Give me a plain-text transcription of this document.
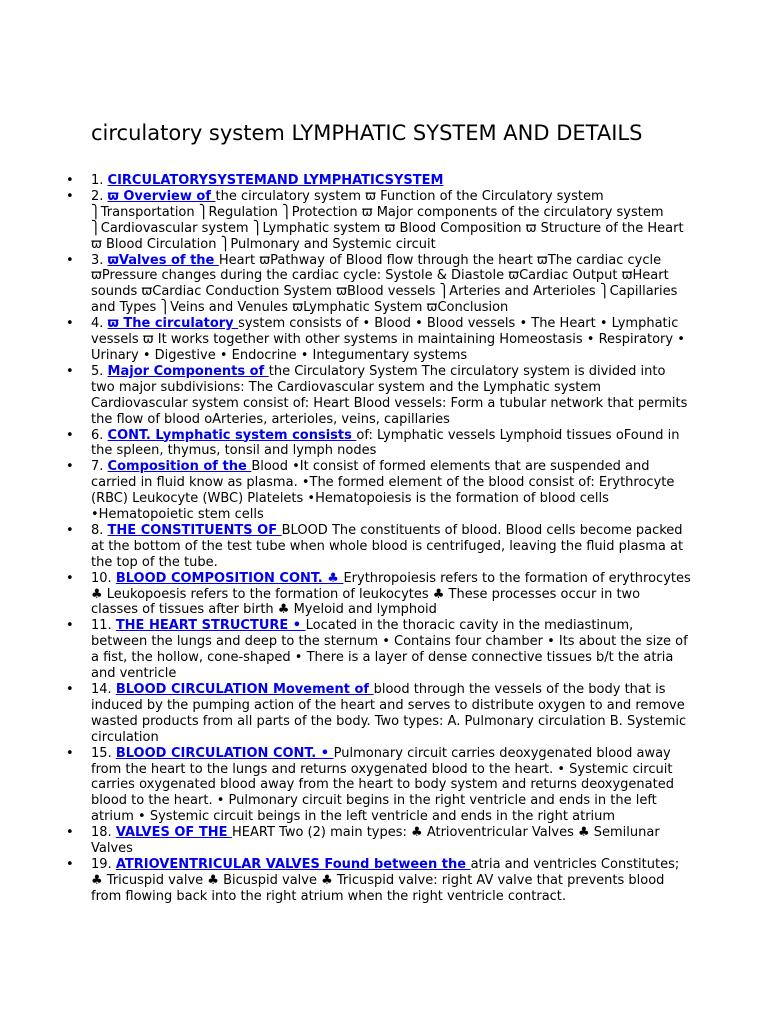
circulatory system LYMPHATIC SYSTEM AND DETAILS
• 1. CIRCULATORYSYSTEMAND LYMPHATICSYSTEM
• 2. ϖ Overview of the circulatory system ϖ Function of the Circulatory system ⎫Transportation ⎫Regulation ⎫Protection ϖ Major components of the circulatory system ⎫Cardiovascular system ⎫Lymphatic system ϖ Blood Composition ϖ Structure of the Heart ϖ Blood Circulation ⎫Pulmonary and Systemic circuit
• 3. ϖValves of the Heart ϖPathway of Blood flow through the heart ϖThe cardiac cycle ϖPressure changes during the cardiac cycle: Systole & Diastole ϖCardiac Output ϖHeart sounds ϖCardiac Conduction System ϖBlood vessels ⎫Arteries and Arterioles ⎫Capillaries and Types ⎫Veins and Venules ϖLymphatic System ϖConclusion
• 4. ϖ The circulatory system consists of • Blood • Blood vessels • The Heart • Lymphatic vessels ϖ It works together with other systems in maintaining Homeostasis • Respiratory • Urinary • Digestive • Endocrine • Integumentary systems
• 5. Major Components of the Circulatory System The circulatory system is divided into two major subdivisions: The Cardiovascular system and the Lymphatic system Cardiovascular system consist of: Heart Blood vessels: Form a tubular network that permits the flow of blood oArteries, arterioles, veins, capillaries
• 6. CONT. Lymphatic system consists of: Lymphatic vessels Lymphoid tissues oFound in the spleen, thymus, tonsil and lymph nodes
• 7. Composition of the Blood •It consist of formed elements that are suspended and carried in fluid know as plasma. •The formed element of the blood consist of: Erythrocyte (RBC) Leukocyte (WBC) Platelets •Hematopoiesis is the formation of blood cells •Hematopoietic stem cells
• 8. THE CONSTITUENTS OF BLOOD The constituents of blood. Blood cells become packed at the bottom of the test tube when whole blood is centrifuged, leaving the fluid plasma at the top of the tube.
• 10. BLOOD COMPOSITION CONT. ♣ Erythropoiesis refers to the formation of erythrocytes ♣ Leukopoesis refers to the formation of leukocytes ♣ These processes occur in two classes of tissues after birth ♣ Myeloid and lymphoid
• 11. THE HEART STRUCTURE • Located in the thoracic cavity in the mediastinum, between the lungs and deep to the sternum • Contains four chamber • Its about the size of a fist, the hollow, cone-shaped • There is a layer of dense connective tissues b/t the atria and ventricle
• 14. BLOOD CIRCULATION Movement of blood through the vessels of the body that is induced by the pumping action of the heart and serves to distribute oxygen to and remove wasted products from all parts of the body. Two types: A. Pulmonary circulation B. Systemic circulation
• 15. BLOOD CIRCULATION CONT. • Pulmonary circuit carries deoxygenated blood away from the heart to the lungs and returns oxygenated blood to the heart. • Systemic circuit carries oxygenated blood away from the heart to body system and returns deoxygenated blood to the heart. • Pulmonary circuit begins in the right ventricle and ends in the left atrium • Systemic circuit beings in the left ventricle and ends in the right atrium
• 18. VALVES OF THE HEART Two (2) main types: ♣ Atrioventricular Valves ♣ Semilunar Valves
• 19. ATRIOVENTRICULAR VALVES Found between the atria and ventricles Constitutes; ♣ Tricuspid valve ♣ Bicuspid valve ♣ Tricuspid valve: right AV valve that prevents blood from flowing back into the right atrium when the right ventricle contract.
